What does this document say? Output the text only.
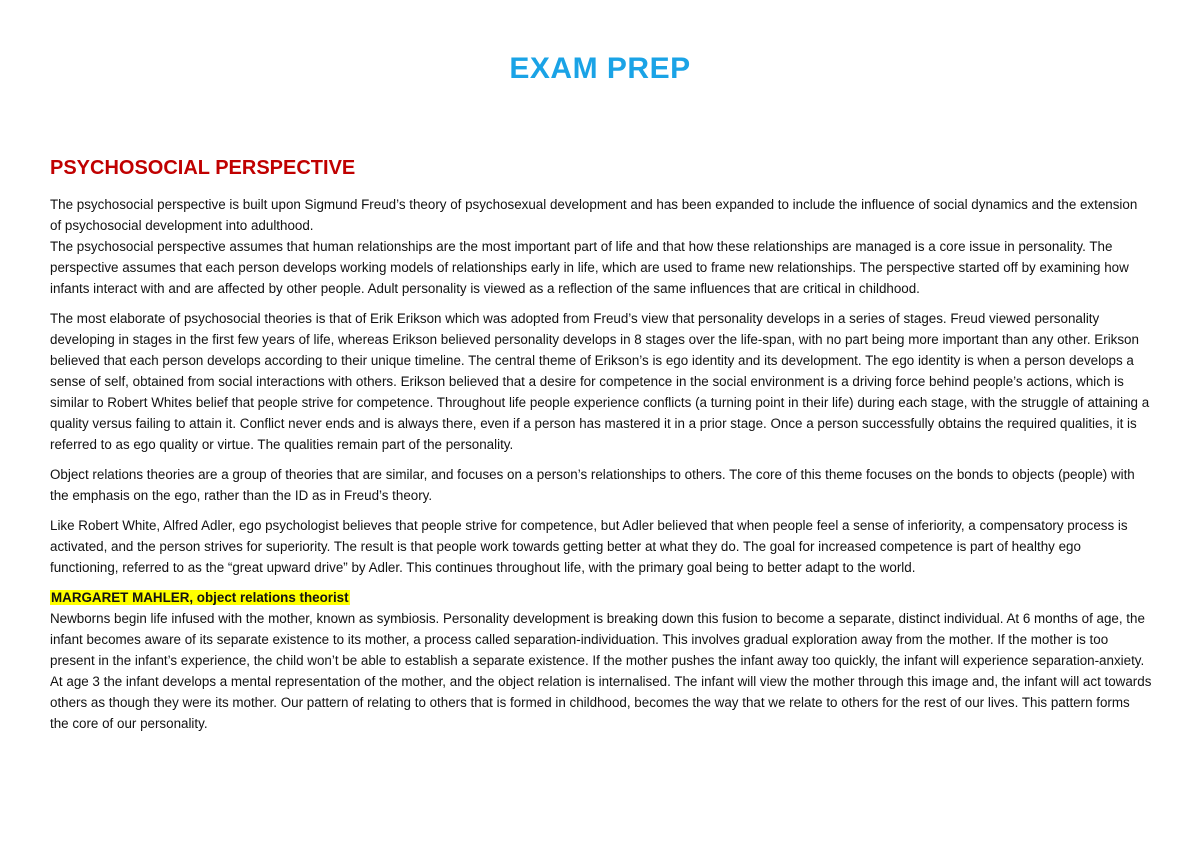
EXAM PREP
PSYCHOSOCIAL PERSPECTIVE

The psychosocial perspective is built upon Sigmund Freud’s theory of psychosexual development and has been expanded to include the influence of social dynamics and the extension of psychosocial development into adulthood.

The psychosocial perspective assumes that human relationships are the most important part of life and that how these relationships are managed is a core issue in personality. The perspective assumes that each person develops working models of relationships early in life, which are used to frame new relationships. The perspective started off by examining how infants interact with and are affected by other people. Adult personality is viewed as a reflection of the same influences that are critical in childhood.

The most elaborate of psychosocial theories is that of Erik Erikson which was adopted from Freud’s view that personality develops in a series of stages. Freud viewed personality developing in stages in the first few years of life, whereas Erikson believed personality develops in 8 stages over the life-span, with no part being more important than any other. Erikson believed that each person develops according to their unique timeline. The central theme of Erikson’s is ego identity and its development. The ego identity is when a person develops a sense of self, obtained from social interactions with others. Erikson believed that a desire for competence in the social environment is a driving force behind people’s actions, which is similar to Robert Whites belief that people strive for competence. Throughout life people experience conflicts (a turning point in their life) during each stage, with the struggle of attaining a quality versus failing to attain it. Conflict never ends and is always there, even if a person has mastered it in a prior stage. Once a person successfully obtains the required qualities, it is referred to as ego quality or virtue. The qualities remain part of the personality.

Object relations theories are a group of theories that are similar, and focuses on a person’s relationships to others. The core of this theme focuses on the bonds to objects (people) with the emphasis on the ego, rather than the ID as in Freud’s theory.

Like Robert White, Alfred Adler, ego psychologist believes that people strive for competence, but Adler believed that when people feel a sense of inferiority, a compensatory process is activated, and the person strives for superiority. The result is that people work towards getting better at what they do. The goal for increased competence is part of healthy ego functioning, referred to as the “great upward drive” by Adler. This continues throughout life, with the primary goal being to better adapt to the world.

MARGARET MAHLER, object relations theorist

Newborns begin life infused with the mother, known as symbiosis. Personality development is breaking down this fusion to become a separate, distinct individual. At 6 months of age, the infant becomes aware of its separate existence to its mother, a process called separation-individuation. This involves gradual exploration away from the mother. If the mother is too present in the infant’s experience, the child won’t be able to establish a separate existence. If the mother pushes the infant away too quickly, the infant will experience separation-anxiety. At age 3 the infant develops a mental representation of the mother, and the object relation is internalised. The infant will view the mother through this image and, the infant will act towards others as though they were its mother. Our pattern of relating to others that is formed in childhood, becomes the way that we relate to others for the rest of our lives. This pattern forms the core of our personality.
